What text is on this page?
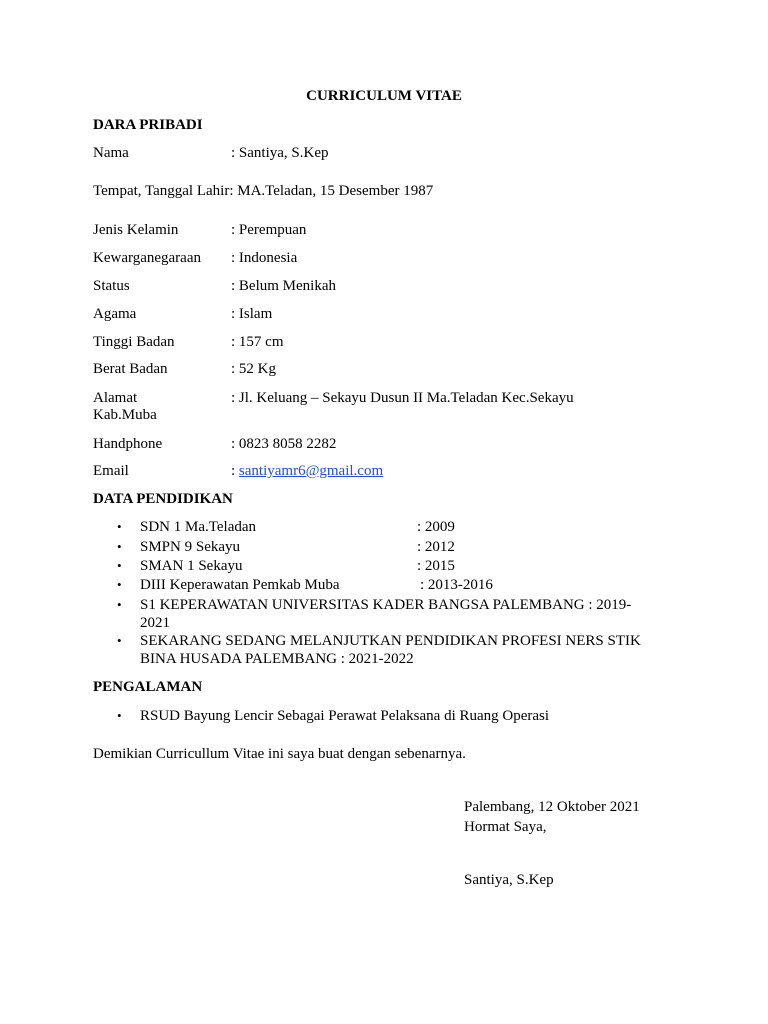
CURRICULUM VITAE
DARA PRIBADI
Nama	: Santiya, S.Kep
Tempat, Tanggal Lahir: MA.Teladan, 15 Desember 1987
Jenis Kelamin	: Perempuan
Kewarganegaraan : Indonesia
Status	: Belum Menikah
Agama	: Islam
Tinggi Badan	: 157 cm
Berat Badan	: 52 Kg
Alamat	: Jl. Keluang – Sekayu Dusun II Ma.Teladan Kec.Sekayu
Kab.Muba
Handphone	: 0823 8058 2282
Email	: santiyamr6@gmail.com
DATA PENDIDIKAN
• SDN 1 Ma.Teladan	: 2009
• SMPN 9 Sekayu	: 2012
• SMAN 1 Sekayu	: 2015
• DIII Keperawatan Pemkab Muba	: 2013-2016
• S1 KEPERAWATAN UNIVERSITAS KADER BANGSA PALEMBANG : 2019-
2021
• SEKARANG SEDANG MELANJUTKAN PENDIDIKAN PROFESI NERS STIK
BINA HUSADA PALEMBANG : 2021-2022
PENGALAMAN
• RSUD Bayung Lencir Sebagai Perawat Pelaksana di Ruang Operasi
Demikian Curricullum Vitae ini saya buat dengan sebenarnya.
Palembang, 12 Oktober 2021
Hormat Saya,
Santiya, S.Kep
